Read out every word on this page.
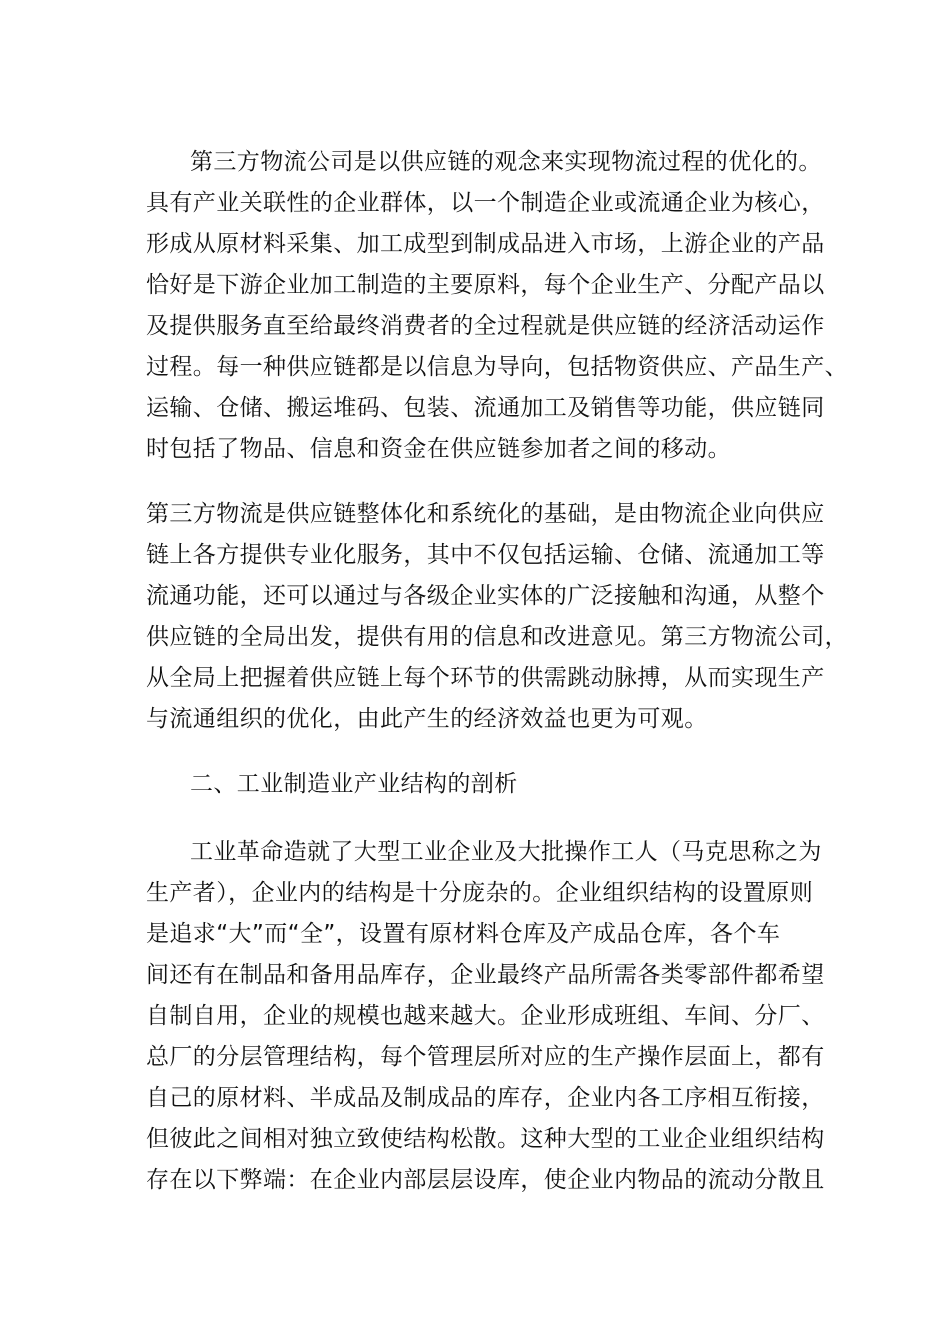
第三方物流公司是以供应链的观念来实现物流过程的优化的。
具有产业关联性的企业群体，以一个制造企业或流通企业为核心，
形成从原材料采集、加工成型到制成品进入市场，上游企业的产品
恰好是下游企业加工制造的主要原料，每个企业生产、分配产品以
及提供服务直至给最终消费者的全过程就是供应链的经济活动运作
过程。每一种供应链都是以信息为导向，包括物资供应、产品生产、
运输、仓储、搬运堆码、包装、流通加工及销售等功能，供应链同
时包括了物品、信息和资金在供应链参加者之间的移动。
第三方物流是供应链整体化和系统化的基础，是由物流企业向供应
链上各方提供专业化服务，其中不仅包括运输、仓储、流通加工等
流通功能，还可以通过与各级企业实体的广泛接触和沟通，从整个
供应链的全局出发，提供有用的信息和改进意见。第三方物流公司，
从全局上把握着供应链上每个环节的供需跳动脉搏，从而实现生产
与流通组织的优化，由此产生的经济效益也更为可观。
二、工业制造业产业结构的剖析
工业革命造就了大型工业企业及大批操作工人（马克思称之为
生产者），企业内的结构是十分庞杂的。企业组织结构的设置原则
是追求“大”而“全”，设置有原材料仓库及产成品仓库，各个车
间还有在制品和备用品库存，企业最终产品所需各类零部件都希望
自制自用，企业的规模也越来越大。企业形成班组、车间、分厂、
总厂的分层管理结构，每个管理层所对应的生产操作层面上，都有
自己的原材料、半成品及制成品的库存，企业内各工序相互衔接，
但彼此之间相对独立致使结构松散。这种大型的工业企业组织结构
存在以下弊端：在企业内部层层设库，使企业内物品的流动分散且
